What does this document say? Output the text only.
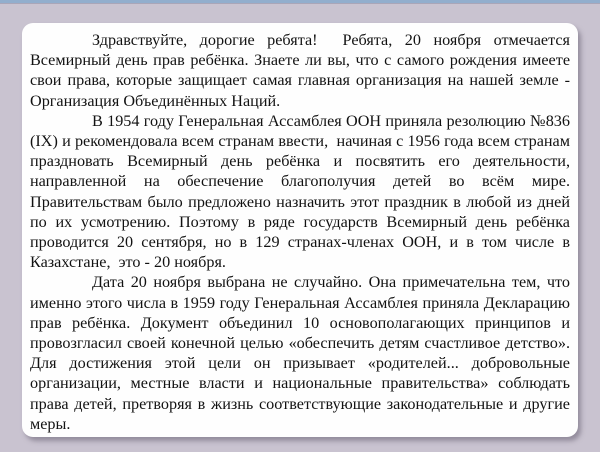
Здравствуйте, дорогие ребята!  Ребята, 20 ноября отмечается Всемирный день прав ребёнка. Знаете ли вы, что с самого рождения имеете свои права, которые защищает самая главная организация на нашей земле - Организация Объединённых Наций.

В 1954 году Генеральная Ассамблея ООН приняла резолюцию №836 (IX) и рекомендовала всем странам ввести,  начиная с 1956 года всем странам праздновать Всемирный день ребёнка и посвятить его деятельности, направленной на обеспечение благополучия детей во всём мире. Правительствам было предложено назначить этот праздник в любой из дней по их усмотрению. Поэтому в ряде государств Всемирный день ребёнка проводится 20 сентября, но в 129 странах-членах ООН, и в том числе в Казахстане,  это - 20 ноября.

Дата 20 ноября выбрана не случайно. Она примечательна тем, что именно этого числа в 1959 году Генеральная Ассамблея приняла Декларацию прав ребёнка. Документ объединил 10 основополагающих принципов и провозгласил своей конечной целью «обеспечить детям счастливое детство». Для достижения этой цели он призывает «родителей... добровольные организации, местные власти и национальные правительства» соблюдать права детей, претворяя в жизнь соответствующие законодательные и другие меры.
